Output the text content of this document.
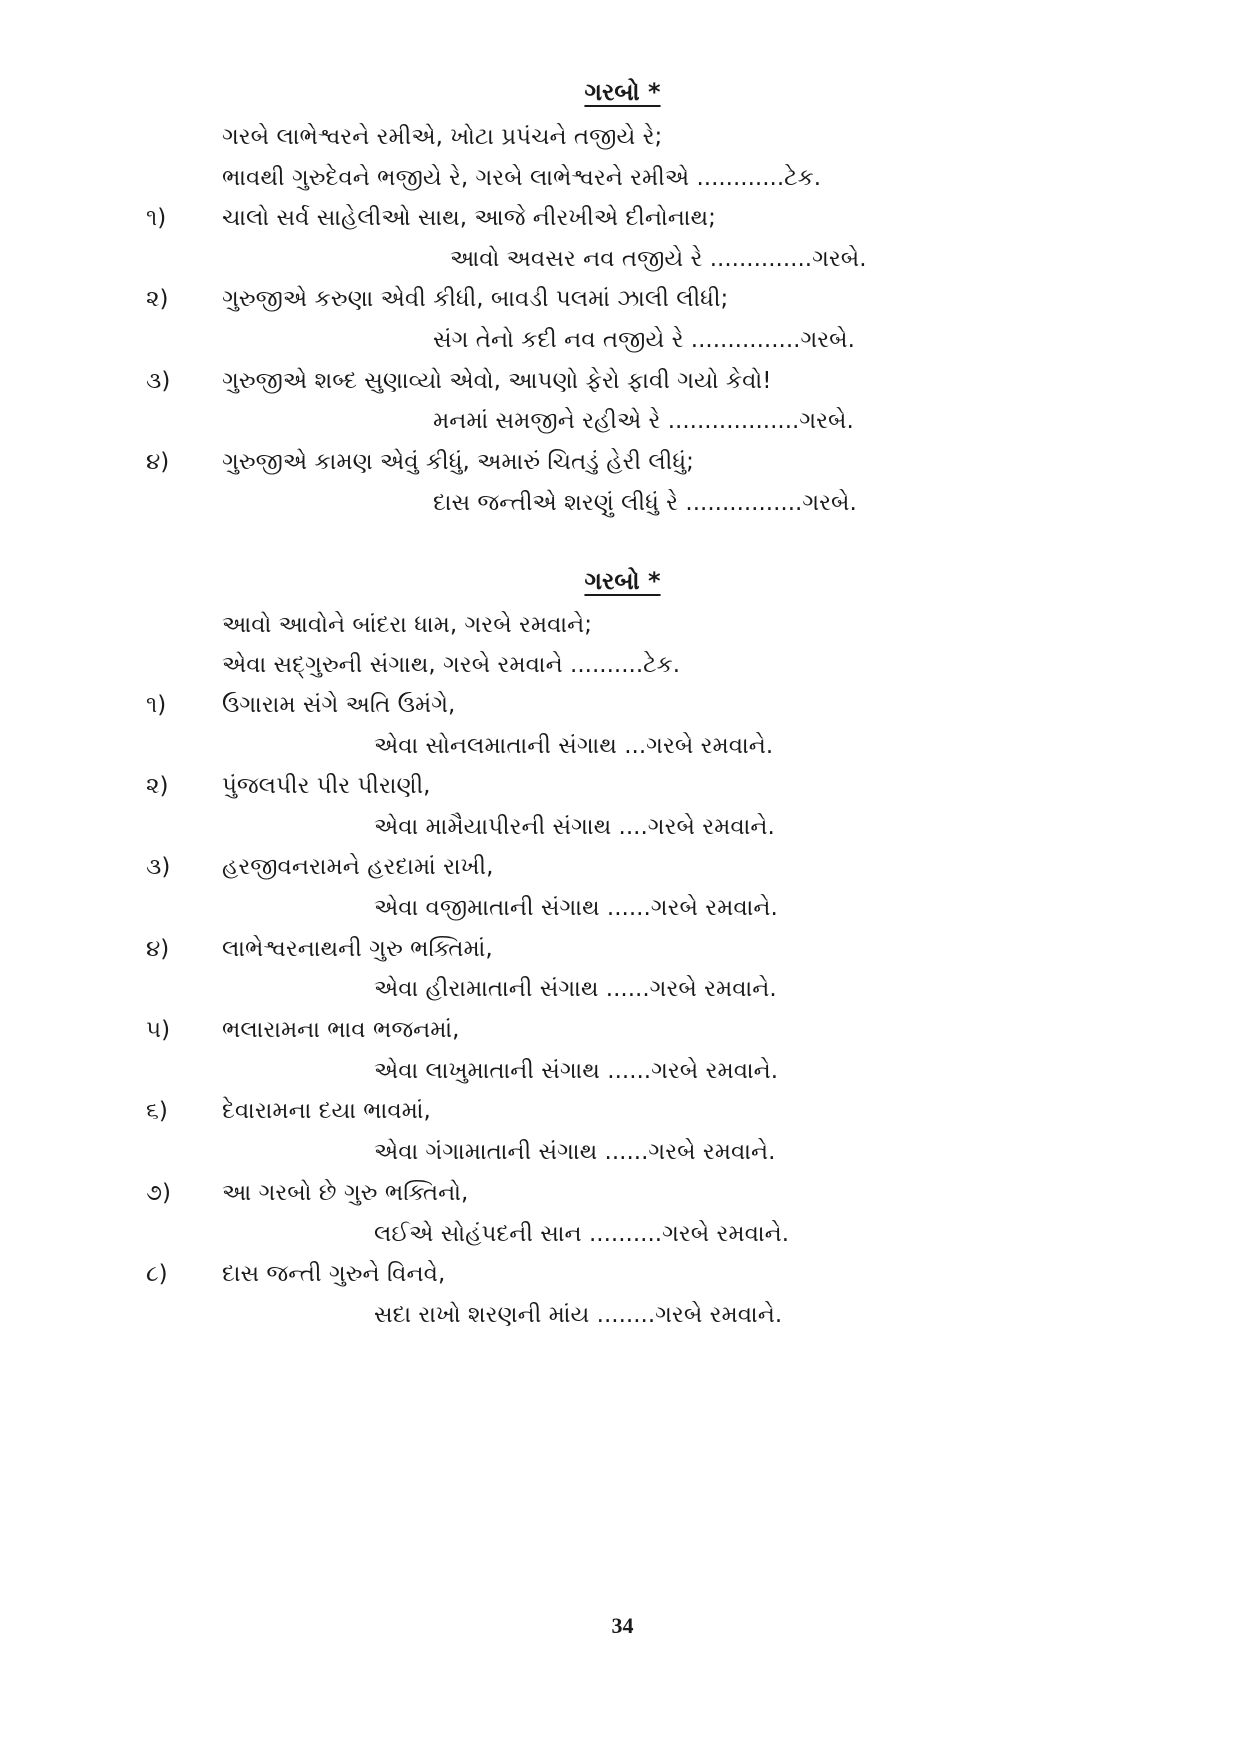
ગરબો *
ગરબે લાભેશ્વરને રમીએ, ખોટા પ્રપંચને તજીયે રે;
ભાવથી ગુરુદેવને ભજીયે રે, ગરબે લાભેશ્વરને રમીએ ............ટેક.
૧) ચાલો સર્વ સાહેલીઓ સાથ, આજે નીરખીએ દીનોનાથ;
આવો અવસર નવ તજીયે રે ..............ગરબે.
૨) ગુરુજીએ કરુણા એવી કીધી, બાવડી પલમાં ઝાલી લીધી;
સંગ તેનો કદી નવ તજીયે રે ...............ગરબે.
૩) ગુરુજીએ શબ્દ સુણાવ્યો એવો, આપણો ફેરો ફાવી ગયો કેવો!
મનમાં સમજીને રહીએ રે ..................ગરબે.
૪) ગુરુજીએ કામણ એવું કીધું, અમારું ચિતડું હેરી લીધું;
દાસ જન્તીએ શરણું લીધું રે ................ગરબે.
ગરબો *
આવો આવોને બાંદરા ધામ, ગરબે રમવાને;
એવા સદ્‌ગુરુની સંગાથ, ગરબે રમવાને ..........ટેક.
૧) ઉગારામ સંગે અતિ ઉમંગે,
એવા સોનલમાતાની સંગાથ ...ગરબે રમવાને.
૨) પુંજલપીર પીર પીરાણી,
એવા મામૈયાપીરની સંગાથ ....ગરબે રમવાને.
૩) હરજીવનરામને હરદામાં રાખી,
એવા વજીમાતાની સંગાથ ......ગરબે રમવાને.
૪) લાભેશ્વરનાથની ગુરુ ભક્તિમાં,
એવા હીરામાતાની સંગાથ ......ગરબે રમવાને.
૫) ભલારામના ભાવ ભજનમાં,
એવા લાખુમાતાની સંગાથ ......ગરબે રમવાને.
૬) દેવારામના દયા ભાવમાં,
એવા ગંગામાતાની સંગાથ ......ગરબે રમવાને.
૭) આ ગરબો છે ગુરુ ભક્તિનો,
લઈએ સોહંપદની સાન ..........ગરબે રમવાને.
૮) દાસ જન્તી ગુરુને વિનવે,
સદા રાખો શરણની માંય ........ગરબે રમવાને.
34
